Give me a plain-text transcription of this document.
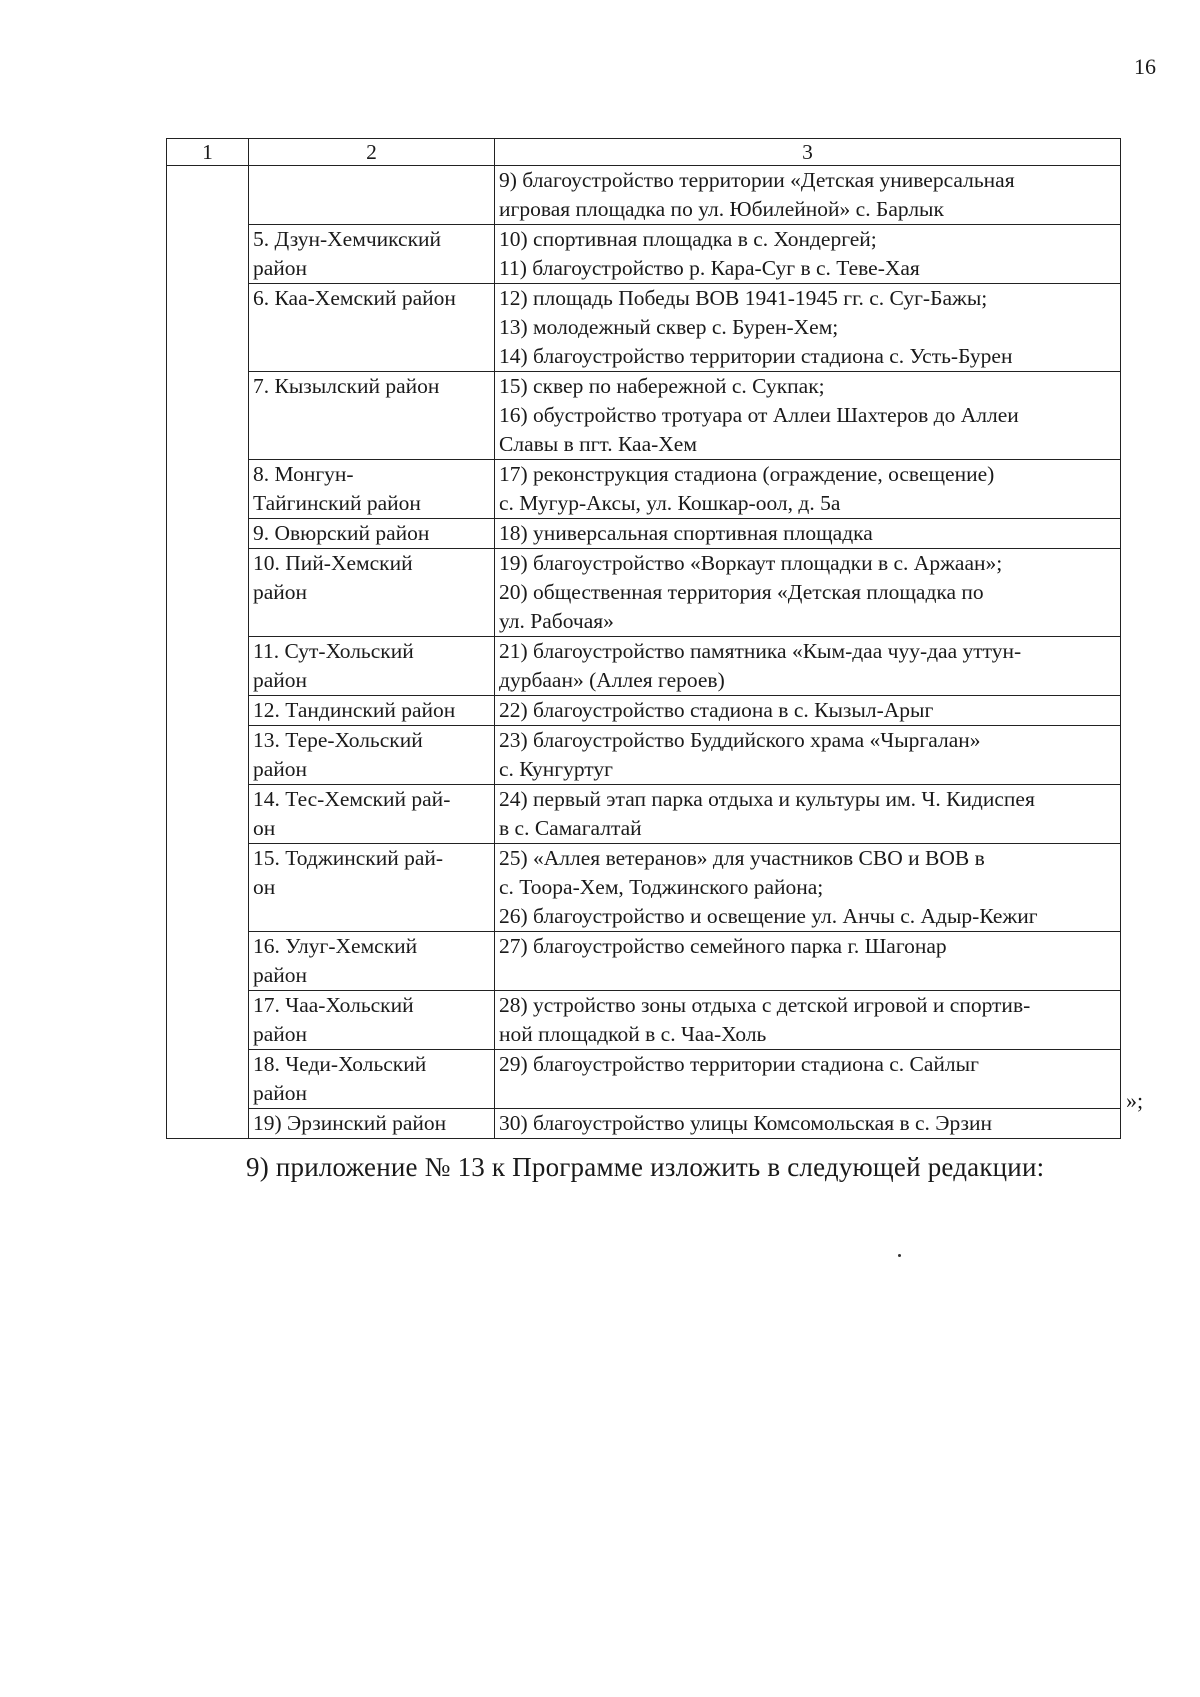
16
1	2	3

		9) благоустройство территории «Детская универсальная
игровая площадка по ул. Юбилейной» с. Барлык

	5. Дзун-Хемчикский
район	10) спортивная площадка в с. Хондергей;
11) благоустройство р. Кара-Суг в с. Теве-Хая

	6. Каа-Хемский район	12) площадь Победы ВОВ 1941-1945 гг. с. Суг-Бажы;
13) молодежный сквер с. Бурен-Хем;
14) благоустройство территории стадиона с. Усть-Бурен

	7. Кызылский район	15) сквер по набережной с. Сукпак;
16) обустройство тротуара от Аллеи Шахтеров до Аллеи
Славы в пгт. Каа-Хем

	8. Монгун-
Тайгинский район	17) реконструкция стадиона (ограждение, освещение)
с. Мугур-Аксы, ул. Кошкар-оол, д. 5а

	9. Овюрский район	18) универсальная спортивная площадка

	10. Пий-Хемский
район	19) благоустройство «Воркаут площадки в с. Аржаан»;
20) общественная территория «Детская площадка по
ул. Рабочая»

	11. Сут-Хольский
район	21) благоустройство памятника «Кым-даа чуу-даа уттун-
дурбаан» (Аллея героев)

	12. Тандинский район	22) благоустройство стадиона в с. Кызыл-Арыг

	13. Тере-Хольский
район	23) благоустройство Буддийского храма «Чыргалан»
с. Кунгуртуг

	14. Тес-Хемский рай-
он	24) первый этап парка отдыха и культуры им. Ч. Кидиспея
в с. Самагалтай

	15. Тоджинский рай-
он	25) «Аллея ветеранов» для участников СВО и ВОВ в
с. Тоора-Хем, Тоджинского района;
26) благоустройство и освещение ул. Анчы с. Адыр-Кежиг

	16. Улуг-Хемский
район	27) благоустройство семейного парка г. Шагонар

	17. Чаа-Хольский
район	28) устройство зоны отдыха с детской игровой и спортив-
ной площадкой в с. Чаа-Холь

	18. Чеди-Хольский
район	29) благоустройство территории стадиона с. Сайлыг

	19) Эрзинский район	30) благоустройство улицы Комсомольская в с. Эрзин
»;
9) приложение № 13 к Программе изложить в следующей редакции:
